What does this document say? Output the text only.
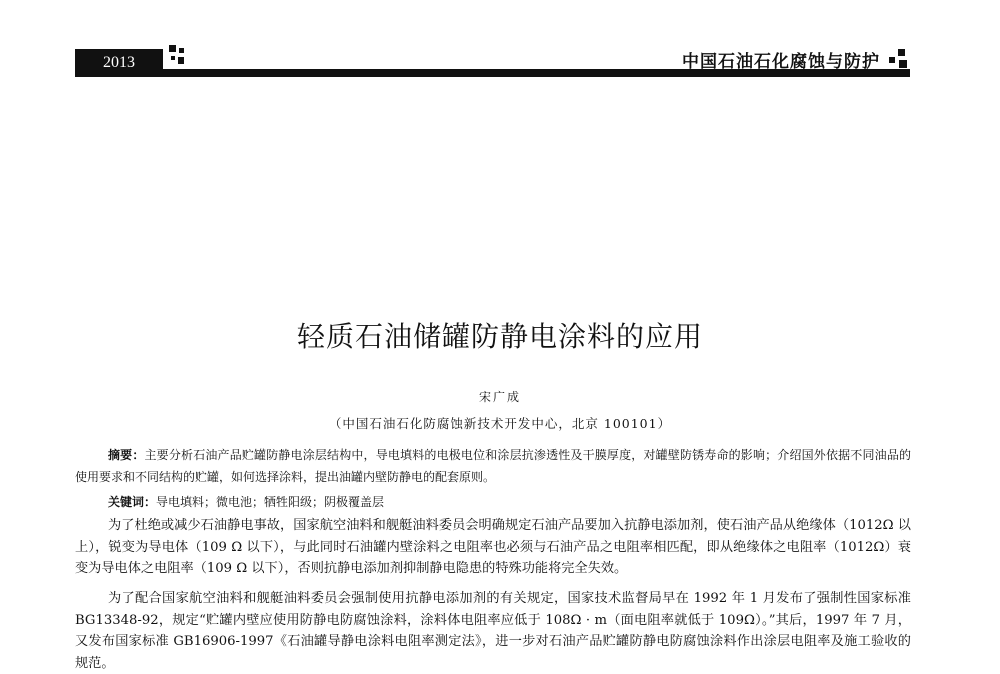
2013	中国石油石化腐蚀与防护
轻质石油储罐防静电涂料的应用
宋广成
（中国石油石化防腐蚀新技术开发中心，北京 100101）
摘要：主要分析石油产品贮罐防静电涂层结构中，导电填料的电极电位和涂层抗渗透性及干膜厚度，对罐壁防锈寿命的影响；介绍国外依据不同油品的使用要求和不同结构的贮罐，如何选择涂料，提出油罐内壁防静电的配套原则。
关键词：导电填料；微电池；牺牲阳级；阴极覆盖层
为了杜绝或减少石油静电事故，国家航空油料和舰艇油料委员会明确规定石油产品要加入抗静电添加剂，使石油产品从绝缘体（1012Ω 以上），锐变为导电体（109 Ω 以下），与此同时石油罐内壁涂料之电阻率也必须与石油产品之电阻率相匹配，即从绝缘体之电阻率（1012Ω）衰变为导电体之电阻率（109 Ω 以下），否则抗静电添加剂抑制静电隐患的特殊功能将完全失效。
为了配合国家航空油料和舰艇油料委员会强制使用抗静电添加剂的有关规定，国家技术监督局早在 1992 年 1 月发布了强制性国家标准 BG13348-92，规定“贮罐内壁应使用防静电防腐蚀涂料，涂料体电阻率应低于 108Ω · m（面电阻率就低于 109Ω）。”其后，1997 年 7 月，又发布国家标准 GB16906-1997《石油罐导静电涂料电阻率测定法》，进一步对石油产品贮罐防静电防腐蚀涂料作出涂层电阻率及施工验收的规范。
